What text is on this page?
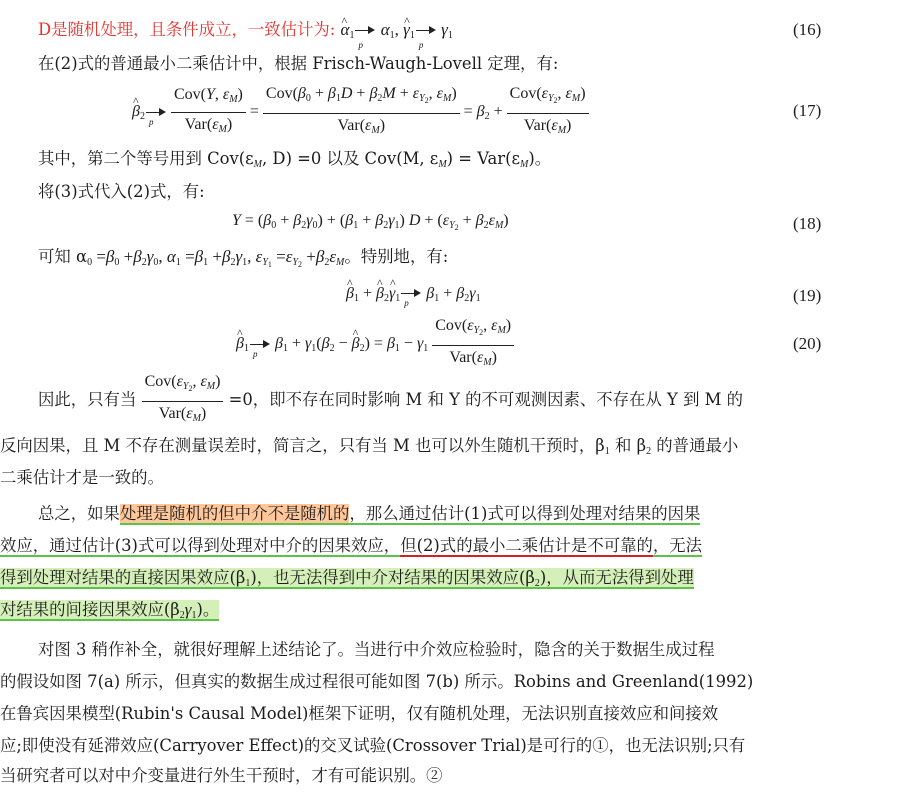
D是随机处理，且条件成立，一致估计为: ^ $\alpha_1$
p
$\alpha_1$, ^ $\gamma_1$
p
$\gamma_1$	(16)
在(2)式的普通最小二乘估计中，根据 Frisch-Waugh-Lovell 定理，有:
^ $\beta_2$ p
$\frac{Cov(Y, \varepsilon_M)}{Var(\varepsilon_M)} = \frac{Cov(\beta_0 + \beta_1D + \beta_2M + \varepsilon_{Y_2}, \varepsilon_M)}{Var(\varepsilon_M)} = \beta_2 + \frac{Cov(\varepsilon_{Y_2}, \varepsilon_M)}{Var(\varepsilon_M)}$	(17)
其中，第二个等号用到 $Cov(\varepsilon_M$, D) =0 以及 Cov(M, $\varepsilon_M) = Var(\varepsilon_M)$。
将(3)式代入(2)式，有:
$Y = (\beta_0 + \beta_2\gamma_0) + (\beta_1 + \beta_2\gamma_1) D + (\varepsilon_{Y_2} + \beta_2\varepsilon_M)$	(18)
可知 $\alpha_0 =\beta_0 +\beta_2\gamma_0$, $\alpha_1 =\beta_1 +\beta_2\gamma_1$, $\varepsilon_{Y_1} =\varepsilon_{Y_2} +\beta_2\varepsilon_M$。特别地，有:
^ $\beta_1$ + ^ $\beta_2\^{}$ $\gamma_1$ p
$\beta_1 + \beta_2\gamma_1$	(19)
^ $\beta_1$ p
$\beta_1 + \gamma_1(\beta_2$ − ^ $\beta_2) = \beta_1 - \gamma_1 \frac{Cov(\varepsilon_{Y_2}, \varepsilon_M)}{Var(\varepsilon_M)}$	(20)
因此，只有当 $\frac{Cov(\varepsilon_{Y_2}, \varepsilon_M)}{Var(\varepsilon_M)} =0$，即不存在同时影响 M 和 Y 的不可观测因素、不存在从 Y 到 M 的
反向因果，且 M 不存在测量误差时，简言之，只有当 M 也可以外生随机干预时，$\beta_1$ 和 $\beta_2$ 的普通最小
二乘估计才是一致的。
总之，如果处理是随机的但中介不是随机的，那么通过估计(1)式可以得到处理对结果的因果
效应，通过估计(3)式可以得到处理对中介的因果效应，但(2)式的最小二乘估计是不可靠的，无法
得到处理对结果的直接因果效应$(\beta_1)$，也无法得到中介对结果的因果效应$(\beta_2)$，从而无法得到处理
对结果的间接因果效应$(\beta_2\gamma_1)$。
对图 3 稍作补全，就很好理解上述结论了。当进行中介效应检验时，隐含的关于数据生成过程
的假设如图 7(a) 所示，但真实的数据生成过程很可能如图 7(b) 所示。Robins and Greenland(1992)
在鲁宾因果模型(Rubin's Causal Model)框架下证明，仅有随机处理，无法识别直接效应和间接效
应;即使没有延滞效应(Carryover Effect)的交叉试验(Crossover Trial)是可行的①，也无法识别;只有
当研究者可以对中介变量进行外生干预时，才有可能识别。②
